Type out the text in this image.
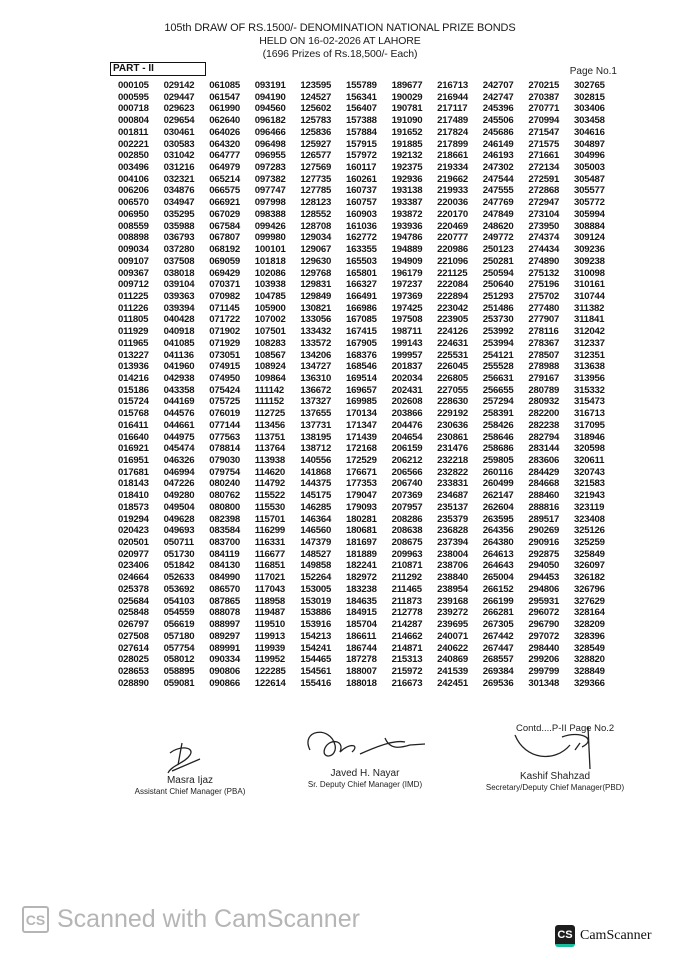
105th DRAW OF RS.1500/- DENOMINATION NATIONAL PRIZE BONDS
HELD ON 16-02-2026 AT LAHORE
(1696 Prizes of Rs.18,500/- Each)
PART - II	Page No.1
000105
000595
000718
000804
001811
002221
002850
003496
004106
006206
006570
006950
008559
008898
009034
009107
009367
009712
011225
011226
011805
011929
011965
013227
013936
014216
015186
015724
015768
016411
016640
016921
016951
017681
018143
018410
018573
019294
020423
020501
020977
023406
024664
025378
025684
025848
026797
027508
027614
028025
028653
028890
029142
029447
029623
029654
030461
030583
031042
031216
032321
034876
034947
035295
035988
036793
037280
037508
038018
039104
039363
039394
040428
040918
041085
041136
041960
042938
043358
044169
044576
044661
044975
045474
046326
046994
047226
049280
049504
049628
049693
050711
051730
051842
052633
053692
054103
054559
056619
057180
057754
058012
058895
059081
061085
061547
061990
062640
064026
064320
064777
064979
065214
066575
066921
067029
067584
067807
068192
069059
069429
070371
070982
071145
071722
071902
071929
073051
074915
074950
075424
075725
076019
077144
077563
078814
079030
079754
080240
080762
080800
082398
083584
083700
084119
084130
084990
086570
087865
088078
088997
089297
089991
090334
090806
090866
093191
094190
094560
096182
096466
096498
096955
097283
097382
097747
097998
098388
099426
099980
100101
101818
102086
103938
104785
105900
107002
107501
108283
108567
108924
109864
111142
111152
112725
113456
113751
113764
113938
114620
114792
115522
115530
115701
116299
116331
116677
116851
117021
117043
118958
119487
119510
119913
119939
119952
122285
122614
123595
124527
125602
125783
125836
125927
126577
127569
127735
127785
128123
128552
128708
129034
129067
129630
129768
129831
129849
130821
133056
133432
133572
134206
134727
136310
136672
137327
137655
137731
138195
138712
140556
141868
144375
145175
146285
146364
146560
147379
148527
149858
152264
153005
153019
153886
153916
154213
154241
154465
154561
155416
155789
156341
156407
157388
157884
157915
157972
160117
160261
160737
160757
160903
161036
162772
163355
165503
165801
166327
166491
166986
167085
167415
167905
168376
168546
169514
169657
169985
170134
171347
171439
172168
172529
176671
177353
179047
179093
180281
180681
181697
181889
182241
182972
183238
184635
184915
185704
186611
186744
187278
188007
188018
189677
190029
190781
191090
191652
191885
192132
192375
192936
193138
193387
193872
193936
194786
194889
194909
196179
197237
197369
197425
197508
198711
199143
199957
201837
202034
202431
202608
203866
204476
204654
206159
206212
206566
206740
207369
207957
208286
208638
208675
209963
210871
211292
211465
211873
212778
214287
214662
214871
215313
215972
216673
216713
216944
217117
217489
217824
217899
218661
219334
219662
219933
220036
220170
220469
220777
220986
221096
221125
222084
222894
223042
223905
224126
224631
225531
226045
226805
227055
228630
229192
230636
230861
231476
232218
232822
233831
234687
235137
235379
236828
237394
238004
238706
238840
238954
239168
239272
239695
240071
240622
240869
241539
242451
242707
242747
245396
245506
245686
246149
246193
247302
247544
247555
247769
247849
248620
249772
250123
250281
250594
250640
251293
251486
253730
253992
253994
254121
255528
256631
256655
257294
258391
258426
258646
258686
259805
260116
260499
262147
262604
263595
264356
264380
264613
264643
265004
266152
266199
266281
267305
267442
267447
268557
269384
269536
270215
270387
270771
270994
271547
271575
271661
272134
272591
272868
272947
273104
273950
274374
274434
274890
275132
275196
275702
277480
277907
278116
278367
278507
278988
279167
280789
280932
282200
282238
282794
283144
283606
284429
284668
288460
288816
289517
290269
290916
292875
294050
294453
294806
295931
296072
296790
297072
298440
299206
299799
301348
302765
302815
303406
303458
304616
304897
304996
305003
305487
305577
305772
305994
308884
309124
309236
309238
310098
310161
310744
311382
311841
312042
312337
312351
313638
313956
315332
315473
316713
317095
318946
320598
320611
320743
321583
321943
323119
323408
325126
325259
325849
326097
326182
326796
327629
328164
328209
328396
328549
328820
328849
329366
Contd....P-II Page No.2
Masra Ijaz
Assistant Chief Manager (PBA)
Javed H. Nayar
Sr. Deputy Chief Manager (IMD)
Kashif Shahzad
Secretary/Deputy Chief Manager(PBD)
CS Scanned with CamScanner
CS CamScanner
